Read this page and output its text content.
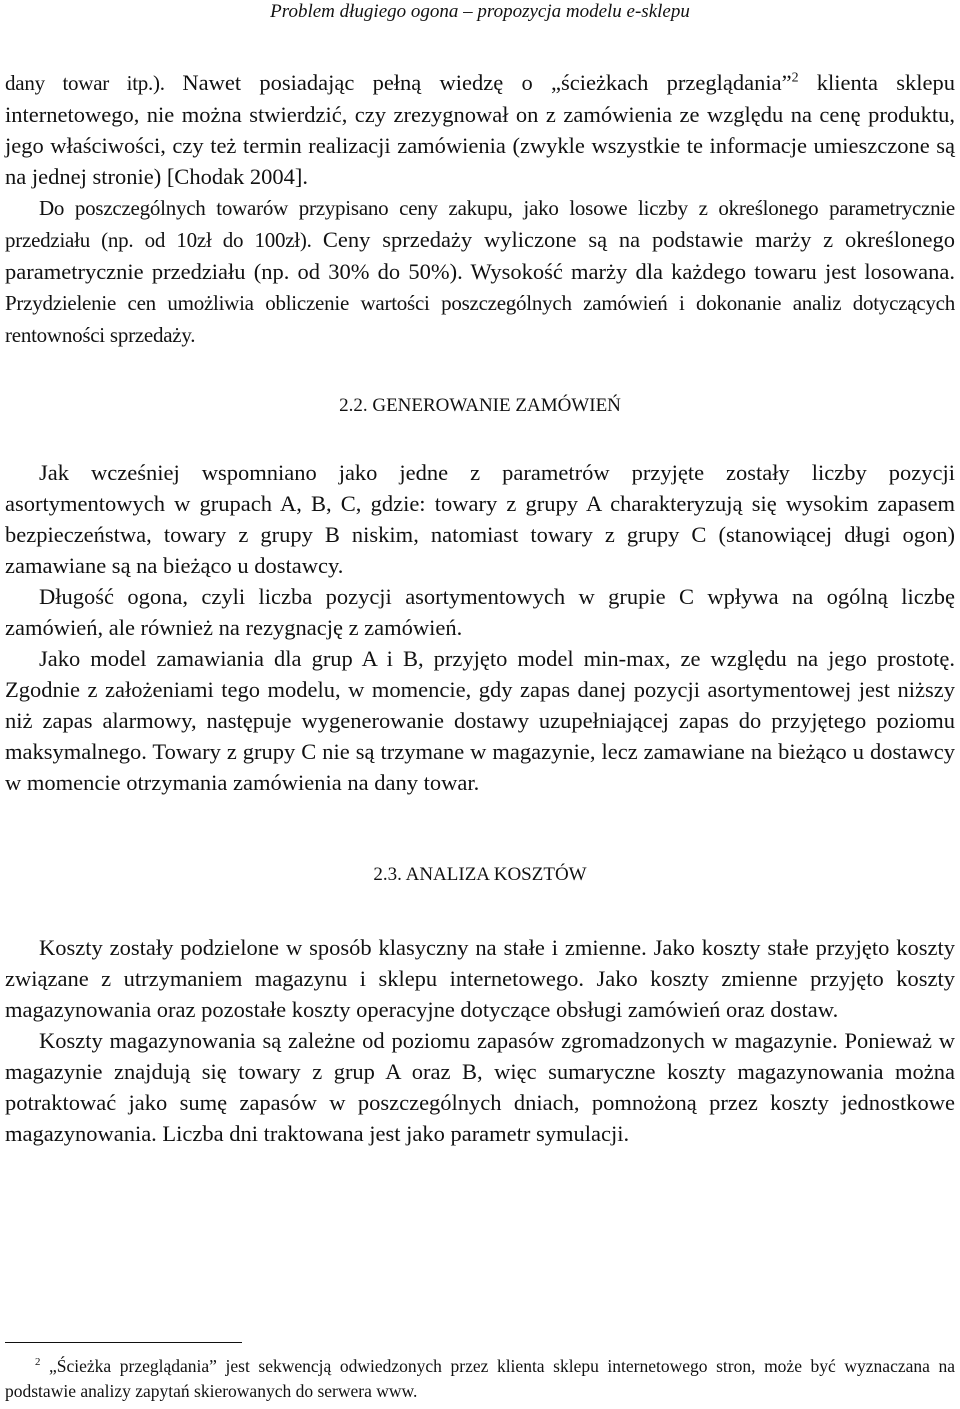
Problem długiego ogona – propozycja modelu e-sklepu

dany towar itp.). Nawet posiadając pełną wiedzę o „ścieżkach przeglądania”$^2$ klienta sklepu internetowego, nie można stwierdzić, czy zrezygnował on z zamówienia ze względu na cenę produktu, jego właściwości, czy też termin realizacji zamówienia (zwykle wszystkie te informacje umieszczone są na jednej stronie) [Chodak 2004].

Do poszczególnych towarów przypisano ceny zakupu, jako losowe liczby z określonego parametrycznie przedziału (np. od 10zł do 100zł). Ceny sprzedaży wyliczone są na podstawie marży z określonego parametrycznie przedziału (np. od 30% do 50%). Wysokość marży dla każdego towaru jest losowana. Przydzielenie cen umożliwia obliczenie wartości poszczególnych zamówień i dokonanie analiz dotyczących rentowności sprzedaży.

2.2. GENEROWANIE ZAMÓWIEŃ

Jak wcześniej wspomniano jako jedne z parametrów przyjęte zostały liczby pozycji asortymentowych w grupach A, B, C, gdzie: towary z grupy A charakteryzują się wysokim zapasem bezpieczeństwa, towary z grupy B niskim, natomiast towary z grupy C (stanowiącej długi ogon) zamawiane są na bieżąco u dostawcy.

Długość ogona, czyli liczba pozycji asortymentowych w grupie C wpływa na ogólną liczbę zamówień, ale również na rezygnację z zamówień.

Jako model zamawiania dla grup A i B, przyjęto model min-max, ze względu na jego prostotę. Zgodnie z założeniami tego modelu, w momencie, gdy zapas danej pozycji asortymentowej jest niższy niż zapas alarmowy, następuje wygenerowanie dostawy uzupełniającej zapas do przyjętego poziomu maksymalnego. Towary z grupy C nie są trzymane w magazynie, lecz zamawiane na bieżąco u dostawcy w momencie otrzymania zamówienia na dany towar.

2.3. ANALIZA KOSZTÓW

Koszty zostały podzielone w sposób klasyczny na stałe i zmienne. Jako koszty stałe przyjęto koszty związane z utrzymaniem magazynu i sklepu internetowego. Jako koszty zmienne przyjęto koszty magazynowania oraz pozostałe koszty operacyjne dotyczące obsługi zamówień oraz dostaw.

Koszty magazynowania są zależne od poziomu zapasów zgromadzonych w magazynie. Ponieważ w magazynie znajdują się towary z grup A oraz B, więc sumaryczne koszty magazynowania można potraktować jako sumę zapasów w poszczególnych dniach, pomnożoną przez koszty jednostkowe magazynowania. Liczba dni traktowana jest jako parametr symulacji.

$^2$ „Ścieżka przeglądania” jest sekwencją odwiedzonych przez klienta sklepu internetowego stron, może być wyznaczana na podstawie analizy zapytań skierowanych do serwera www.
